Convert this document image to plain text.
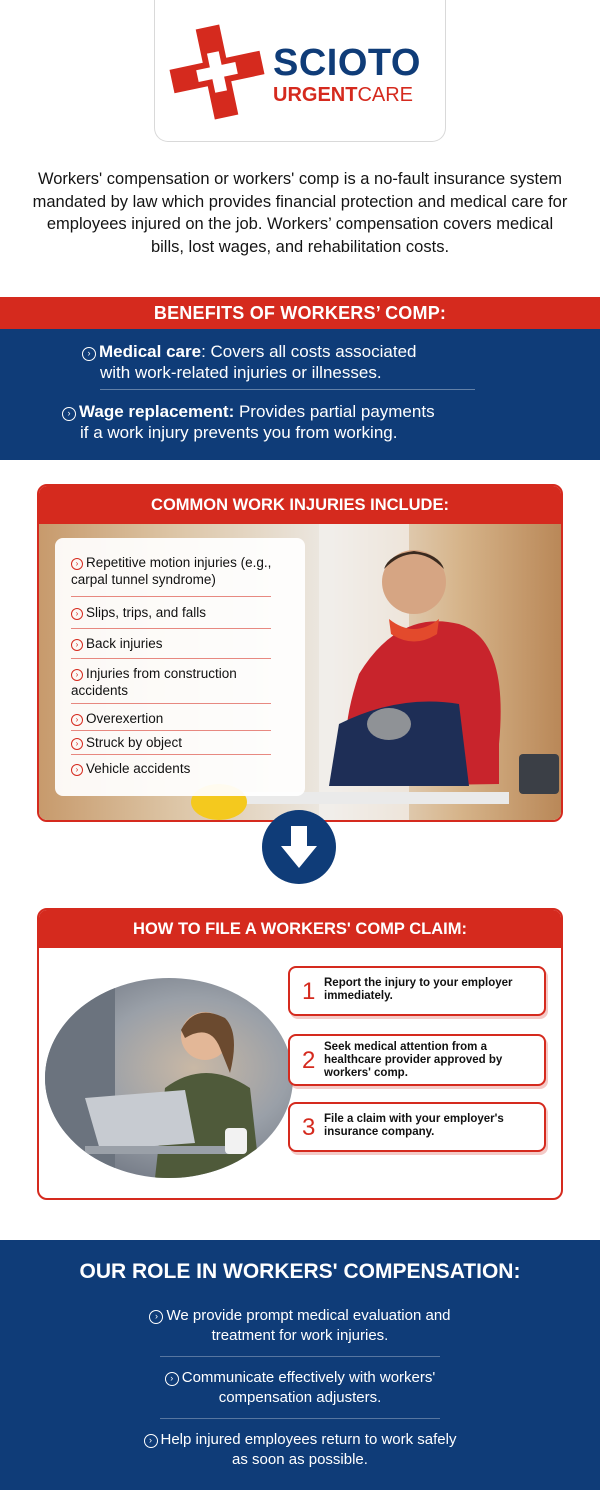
SCIOTO
URGENTCARE

Workers' compensation or workers' comp is a no-fault insurance system mandated by law which provides financial protection and medical care for employees injured on the job. Workers’ compensation covers medical bills, lost wages, and rehabilitation costs.

BENEFITS OF WORKERS’ COMP:
› Medical care: Covers all costs associated
with work-related injuries or illnesses.
› Wage replacement: Provides partial payments
if a work injury prevents you from working.
COMMON WORK INJURIES INCLUDE:
› Repetitive motion injuries (e.g., carpal tunnel syndrome)
› Slips, trips, and falls
› Back injuries
› Injuries from construction accidents
› Overexertion
› Struck by object
› Vehicle accidents
HOW TO FILE A WORKERS' COMP CLAIM:
1 Report the injury to your employer immediately.
2 Seek medical attention from a healthcare provider approved by workers' comp.
3 File a claim with your employer's insurance company.
OUR ROLE IN WORKERS' COMPENSATION:
› We provide prompt medical evaluation and treatment for work injuries.
› Communicate effectively with workers' compensation adjusters.
› Help injured employees return to work safely as soon as possible.
